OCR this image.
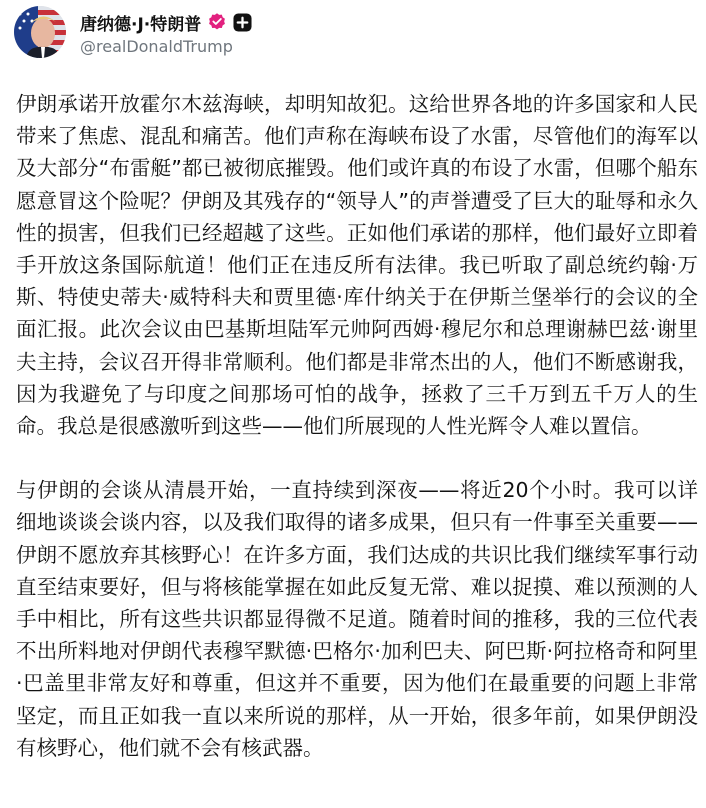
唐纳德·J·特朗普
@realDonaldTrump

伊朗承诺开放霍尔木兹海峡，却明知故犯。这给世界各地的许多国家和人民带来了焦虑、混乱和痛苦。他们声称在海峡布设了水雷，尽管他们的海军以及大部分“布雷艇”都已被彻底摧毁。他们或许真的布设了水雷，但哪个船东愿意冒这个险呢？伊朗及其残存的“领导人”的声誉遭受了巨大的耻辱和永久性的损害，但我们已经超越了这些。正如他们承诺的那样，他们最好立即着手开放这条国际航道！他们正在违反所有法律。我已听取了副总统约翰·万斯、特使史蒂夫·威特科夫和贾里德·库什纳关于在伊斯兰堡举行的会议的全面汇报。此次会议由巴基斯坦陆军元帅阿西姆·穆尼尔和总理谢赫巴兹·谢里夫主持，会议召开得非常顺利。他们都是非常杰出的人，他们不断感谢我，因为我避免了与印度之间那场可怕的战争，拯救了三千万到五千万人的生命。我总是很感激听到这些——他们所展现的人性光辉令人难以置信。

与伊朗的会谈从清晨开始，一直持续到深夜——将近20个小时。我可以详细地谈谈会谈内容，以及我们取得的诸多成果，但只有一件事至关重要——伊朗不愿放弃其核野心！在许多方面，我们达成的共识比我们继续军事行动直至结束要好，但与将核能掌握在如此反复无常、难以捉摸、难以预测的人手中相比，所有这些共识都显得微不足道。随着时间的推移，我的三位代表不出所料地对伊朗代表穆罕默德·巴格尔·加利巴夫、阿巴斯·阿拉格奇和阿里·巴盖里非常友好和尊重，但这并不重要，因为他们在最重要的问题上非常坚定，而且正如我一直以来所说的那样，从一开始，很多年前，如果伊朗没有核野心，他们就不会有核武器。
